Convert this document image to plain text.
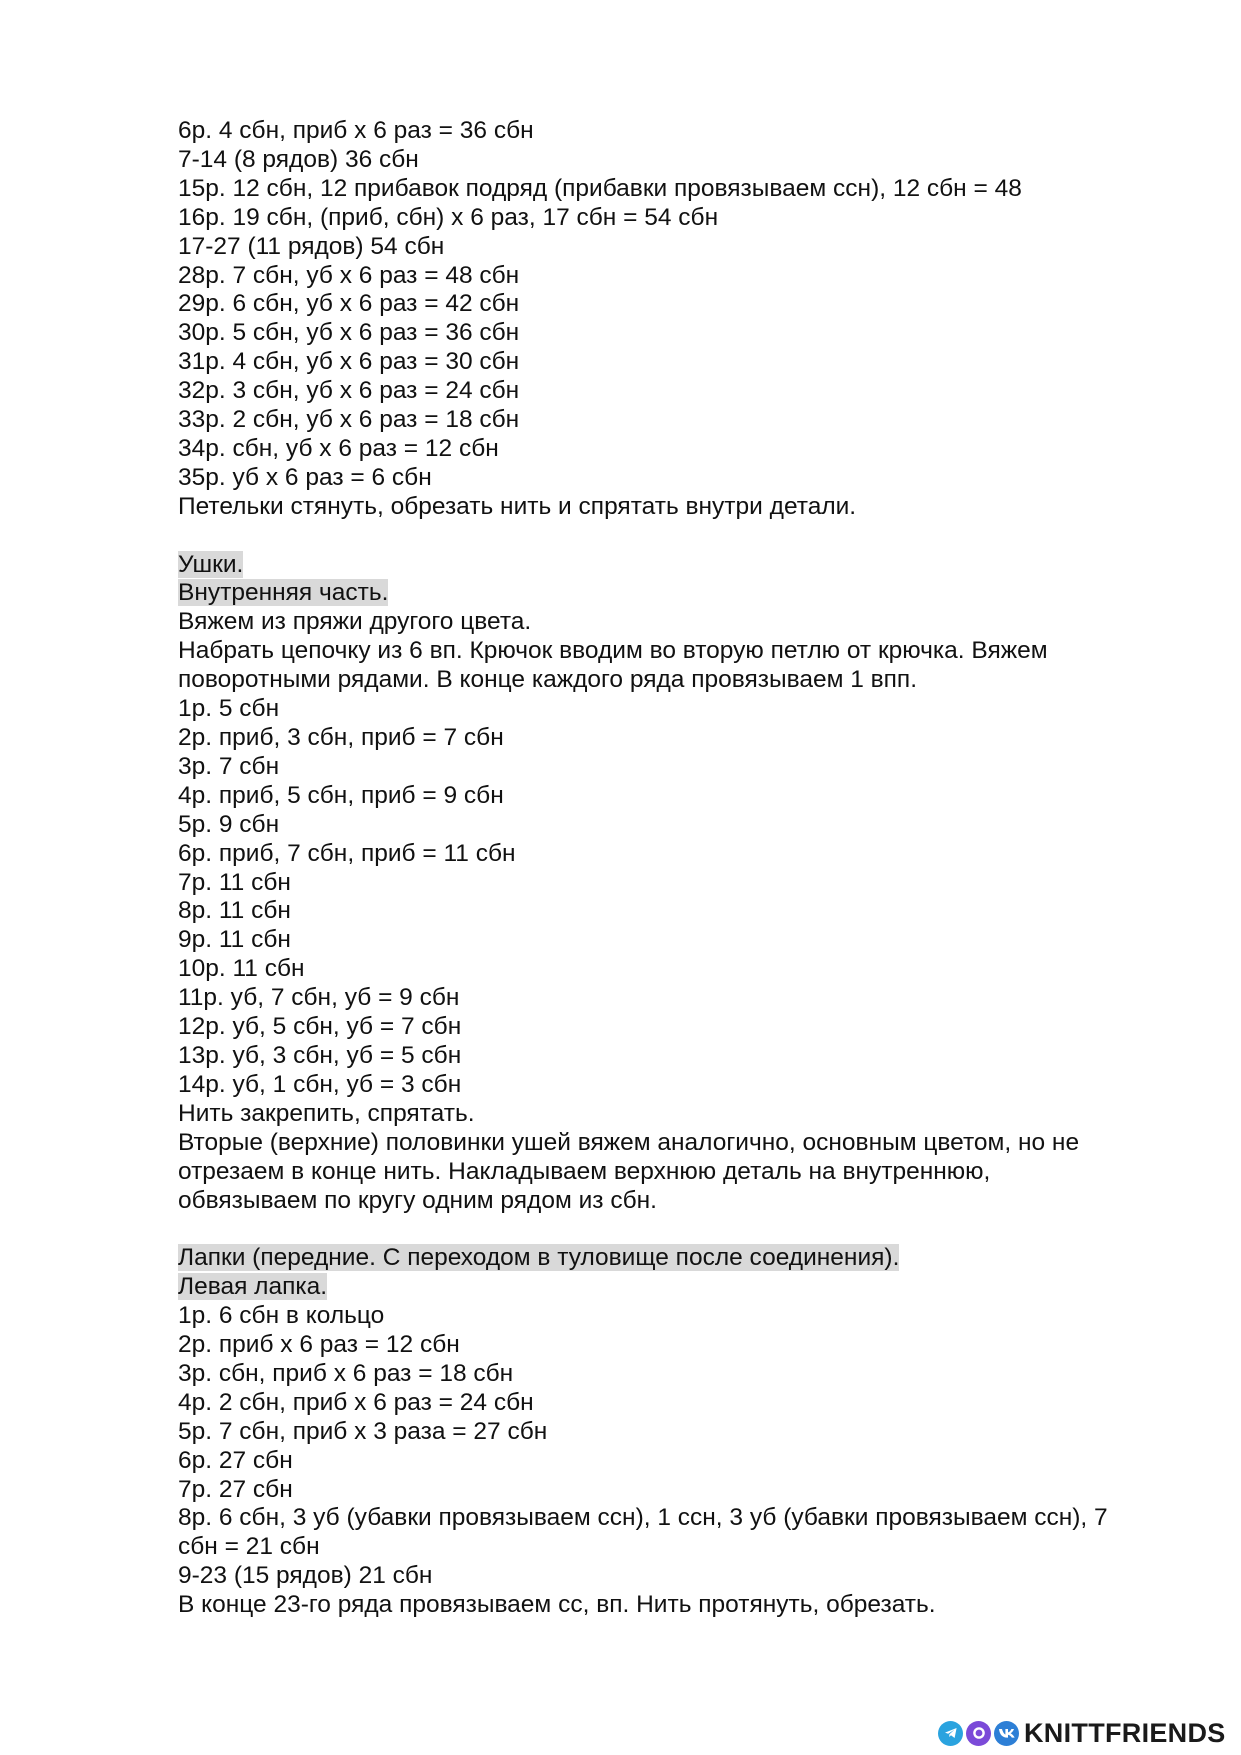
6р. 4 сбн, приб х 6 раз = 36 сбн
7-14 (8 рядов) 36 сбн
15р. 12 сбн, 12 прибавок подряд (прибавки провязываем ссн), 12 сбн = 48
16р. 19 сбн, (приб, сбн) х 6 раз, 17 сбн = 54 сбн
17-27 (11 рядов) 54 сбн
28р. 7 сбн, уб х 6 раз = 48 сбн
29р. 6 сбн, уб х 6 раз = 42 сбн
30р. 5 сбн, уб х 6 раз = 36 сбн
31р. 4 сбн, уб х 6 раз = 30 сбн
32р. 3 сбн, уб х 6 раз = 24 сбн
33р. 2 сбн, уб х 6 раз = 18 сбн
34р. сбн, уб х 6 раз = 12 сбн
35р. уб х 6 раз = 6 сбн
Петельки стянуть, обрезать нить и спрятать внутри детали.
Ушки.
Внутренняя часть.
Вяжем из пряжи другого цвета.
Набрать цепочку из 6 вп. Крючок вводим во вторую петлю от крючка. Вяжем
поворотными рядами. В конце каждого ряда провязываем 1 впп.
1р. 5 сбн
2р. приб, 3 сбн, приб = 7 сбн
3р. 7 сбн
4р. приб, 5 сбн, приб = 9 сбн
5р. 9 сбн
6р. приб, 7 сбн, приб = 11 сбн
7р. 11 сбн
8р. 11 сбн
9р. 11 сбн
10р. 11 сбн
11р. уб, 7 сбн, уб = 9 сбн
12р. уб, 5 сбн, уб = 7 сбн
13р. уб, 3 сбн, уб = 5 сбн
14р. уб, 1 сбн, уб = 3 сбн
Нить закрепить, спрятать.
Вторые (верхние) половинки ушей вяжем аналогично, основным цветом, но не
отрезаем в конце нить. Накладываем верхнюю деталь на внутреннюю,
обвязываем по кругу одним рядом из сбн.
Лапки (передние. С переходом в туловище после соединения).
Левая лапка.
1р. 6 сбн в кольцо
2р. приб х 6 раз = 12 сбн
3р. сбн, приб х 6 раз = 18 сбн
4р. 2 сбн, приб х 6 раз = 24 сбн
5р. 7 сбн, приб х 3 раза = 27 сбн
6р. 27 сбн
7р. 27 сбн
8р. 6 сбн, 3 уб (убавки провязываем ссн), 1 ссн, 3 уб (убавки провязываем ссн), 7
сбн = 21 сбн
9-23 (15 рядов) 21 сбн
В конце 23-го ряда провязываем сс, вп. Нить протянуть, обрезать.
KNITTFRIENDS
